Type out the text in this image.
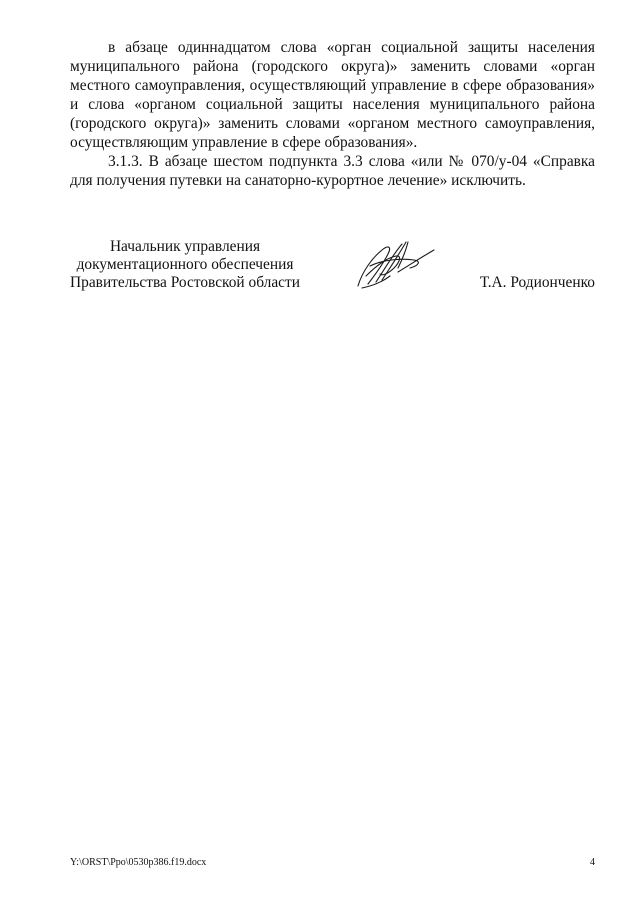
в абзаце одиннадцатом слова «орган социальной защиты населения
муниципального района (городского округа)» заменить словами «орган
местного самоуправления, осуществляющий управление в сфере образования»
и слова «органом социальной защиты населения муниципального района
(городского округа)» заменить словами «органом местного самоуправления,
осуществляющим управление в сфере образования».

3.1.3. В абзаце шестом подпункта 3.3 слова «или № 070/у-04 «Справка
для получения путевки на санаторно-курортное лечение» исключить.

Начальник управления
документационного обеспечения
Правительства Ростовской области	Т.А. Родионченко
Y:\ORST\Ppo\0530p386.f19.docx	4
